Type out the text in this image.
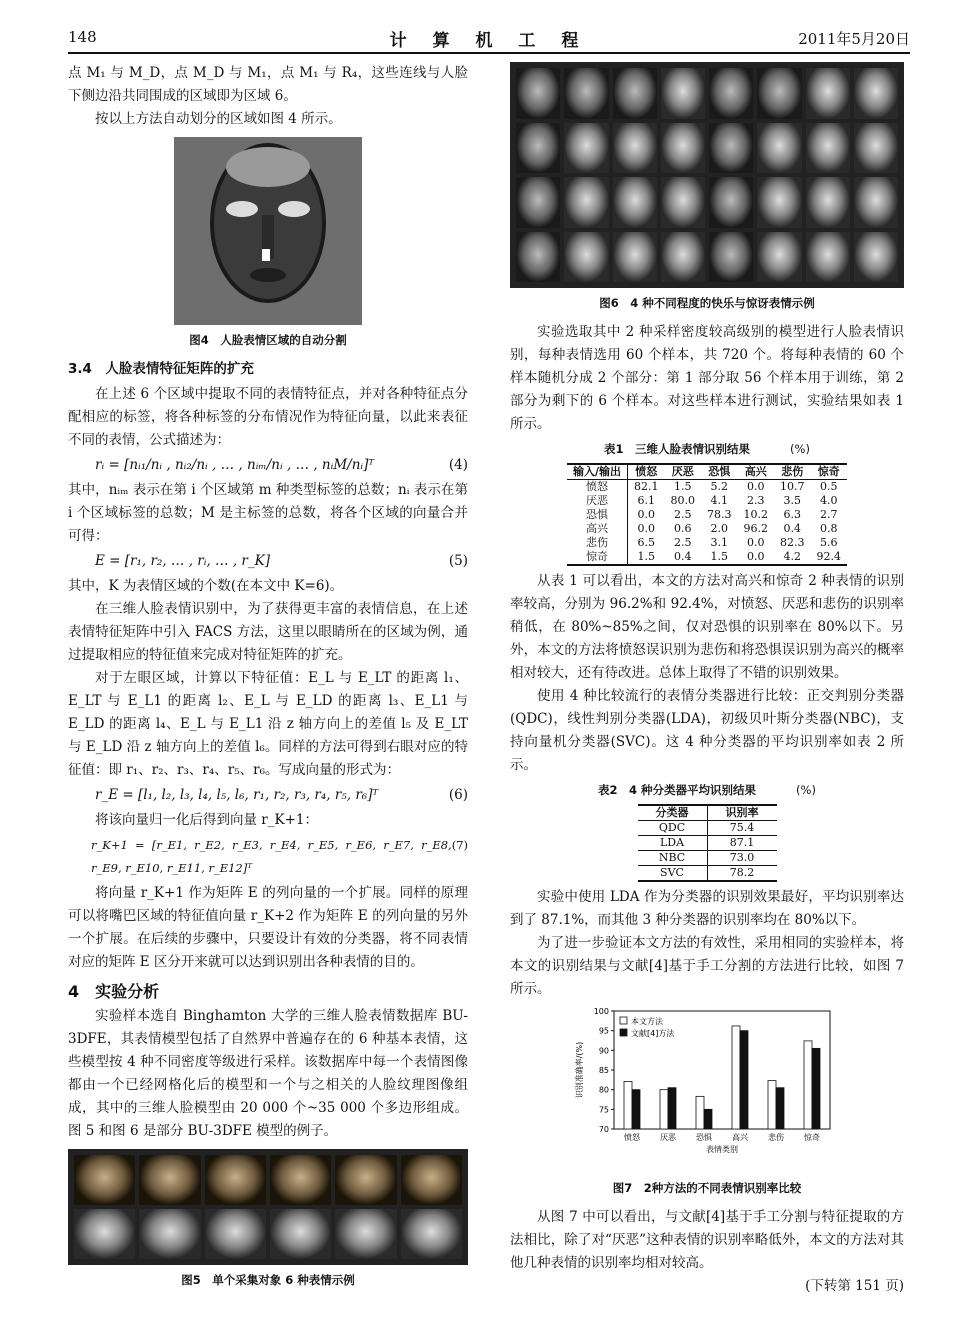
148	计 算 机 工 程	2011年5月20日

点 M₁ 与 M_D，点 M_D 与 M₁，点 M₁ 与 R₄，这些连线与人脸下侧边沿共同围成的区域即为区域 6。

按以上方法自动划分的区域如图 4 所示。

图4　人脸表情区域的自动分割
3.4　人脸表情特征矩阵的扩充

在上述 6 个区域中提取不同的表情特征点，并对各种特征点分配相应的标签，将各种标签的分布情况作为特征向量，以此来表征不同的表情，公式描述为：

rᵢ = [nᵢ₁/nᵢ , nᵢ₂/nᵢ , … , nᵢₘ/nᵢ , … , nᵢM/nᵢ]ᵀ	(4)

其中，nᵢₘ 表示在第 i 个区域第 m 种类型标签的总数；nᵢ 表示在第 i 个区域标签的总数；M 是主标签的总数，将各个区域的向量合并可得：

E = [r₁, r₂, … , rᵢ, … , r_K]	(5)

其中，K 为表情区域的个数(在本文中 K=6)。

在三维人脸表情识别中，为了获得更丰富的表情信息，在上述表情特征矩阵中引入 FACS 方法，这里以眼睛所在的区域为例，通过提取相应的特征值来完成对特征矩阵的扩充。

对于左眼区域，计算以下特征值：E_L 与 E_LT 的距离 l₁、E_LT 与 E_L1 的距离 l₂、E_L 与 E_LD 的距离 l₃、E_L1 与 E_LD 的距离 l₄、E_L 与 E_L1 沿 z 轴方向上的差值 l₅ 及 E_LT 与 E_LD 沿 z 轴方向上的差值 l₆。同样的方法可得到右眼对应的特征值：即 r₁、r₂、r₃、r₄、r₅、r₆。写成向量的形式为：

r_E = [l₁, l₂, l₃, l₄, l₅, l₆, r₁, r₂, r₃, r₄, r₅, r₆]ᵀ	(6)

将该向量归一化后得到向量 r_K+1：

r_K+1 = [r_E1, r_E2, r_E3, r_E4, r_E5, r_E6, r_E7, r_E8, r_E9, r_E10, r_E11, r_E12]ᵀ
(7)

将向量 r_K+1 作为矩阵 E 的列向量的一个扩展。同样的原理可以将嘴巴区域的特征值向量 r_K+2 作为矩阵 E 的列向量的另外一个扩展。在后续的步骤中，只要设计有效的分类器，将不同表情对应的矩阵 E 区分开来就可以达到识别出各种表情的目的。

4　实验分析

实验样本选自 Binghamton 大学的三维人脸表情数据库 BU-3DFE，其表情模型包括了自然界中普遍存在的 6 种基本表情，这些模型按 4 种不同密度等级进行采样。该数据库中每一个表情图像都由一个已经网格化后的模型和一个与之相关的人脸纹理图像组成，其中的三维人脸模型由 20 000 个~35 000 个多边形组成。图 5 和图 6 是部分 BU-3DFE 模型的例子。

图5　单个采集对象 6 种表情示例
图6　4 种不同程度的快乐与惊讶表情示例

实验选取其中 2 种采样密度较高级别的模型进行人脸表情识别，每种表情选用 60 个样本，共 720 个。将每种表情的 60 个样本随机分成 2 个部分：第 1 部分取 56 个样本用于训练，第 2 部分为剩下的 6 个样本。对这些样本进行测试，实验结果如表 1 所示。

表1　三维人脸表情识别结果	(%)
输入/输出	愤怒	厌恶	恐惧	高兴	悲伤	惊奇
愤怒	82.1	1.5	5.2	0.0	10.7	0.5
厌恶	6.1	80.0	4.1	2.3	3.5	4.0
恐惧	0.0	2.5	78.3	10.2	6.3	2.7
高兴	0.0	0.6	2.0	96.2	0.4	0.8
悲伤	6.5	2.5	3.1	0.0	82.3	5.6
惊奇	1.5	0.4	1.5	0.0	4.2	92.4

从表 1 可以看出，本文的方法对高兴和惊奇 2 种表情的识别率较高，分别为 96.2%和 92.4%，对愤怒、厌恶和悲伤的识别率稍低，在 80%~85%之间，仅对恐惧的识别率在 80%以下。另外，本文的方法将愤怒误识别为悲伤和将恐惧误识别为高兴的概率相对较大，还有待改进。总体上取得了不错的识别效果。

使用 4 种比较流行的表情分类器进行比较：正交判别分类器(QDC)，线性判别分类器(LDA)，初级贝叶斯分类器(NBC)，支持向量机分类器(SVC)。这 4 种分类器的平均识别率如表 2 所示。

表2　4 种分类器平均识别结果	(%)
分类器	识别率
QDC	75.4
LDA	87.1
NBC	73.0
SVC	78.2

实验中使用 LDA 作为分类器的识别效果最好，平均识别率达到了 87.1%，而其他 3 种分类器的识别率均在 80%以下。

为了进一步验证本文方法的有效性，采用相同的实验样本，将本文的识别结果与文献[4]基于手工分割的方法进行比较，如图 7 所示。

70
75
80
85
90
95
100
识别准确率/(%)
愤怒	厌恶	恐惧	高兴	悲伤	惊奇
表情类别
本文方法
文献[4]方法
图7　2种方法的不同表情识别率比较

从图 7 中可以看出，与文献[4]基于手工分割与特征提取的方法相比，除了对“厌恶”这种表情的识别率略低外，本文的方法对其他几种表情的识别率均相对较高。

(下转第 151 页)
